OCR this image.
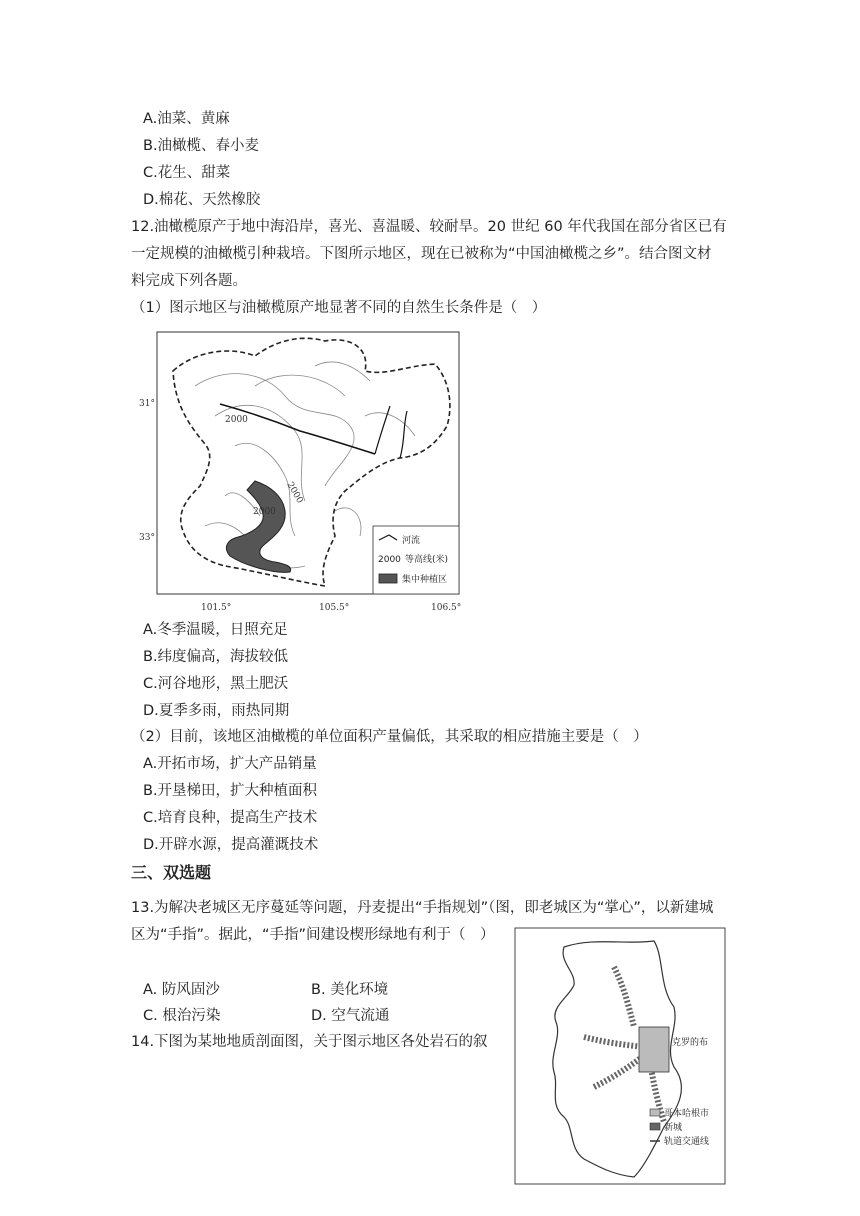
A.油菜、黄麻
B.油橄榄、春小麦
C.花生、甜菜
D.棉花、天然橡胶
12.油橄榄原产于地中海沿岸，喜光、喜温暖、较耐旱。20 世纪 60 年代我国在部分省区已有
一定规模的油橄榄引种栽培。下图所示地区，现在已被称为“中国油橄榄之乡”。结合图文材
料完成下列各题。
（1）图示地区与油橄榄原产地显著不同的自然生长条件是（　）
2000
2000
2000
31°
33°
101.5°	105.5°	106.5°
河流
2000 等高线(米)
集中种植区
A.冬季温暖，日照充足
B.纬度偏高，海拔较低
C.河谷地形，黑土肥沃
D.夏季多雨，雨热同期
（2）目前，该地区油橄榄的单位面积产量偏低，其采取的相应措施主要是（　）
A.开拓市场，扩大产品销量
B.开垦梯田，扩大种植面积
C.培育良种，提高生产技术
D.开辟水源，提高灌溉技术
三、双选题
13.为解决老城区无序蔓延等问题，丹麦提出“手指规划”（图，即老城区为“掌心”，以新建城
区为“手指”。据此，“手指”间建设楔形绿地有利于（　）
A. 防风固沙	B. 美化环境
C. 根治污染	D. 空气流通
14.下图为某地地质剖面图，关于图示地区各处岩石的叙	克罗的布
哥本哈根市
新城
轨道交通线
